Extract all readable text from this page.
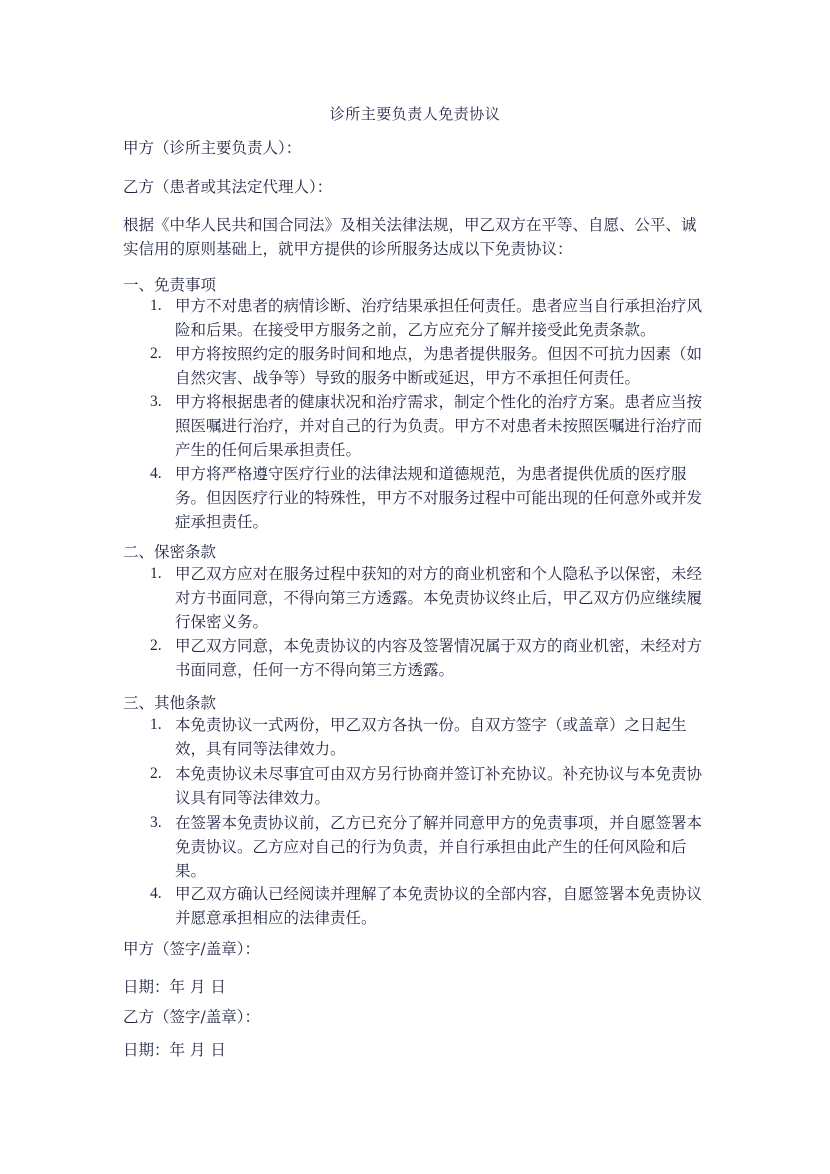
诊所主要负责人免责协议
甲方（诊所主要负责人）：
乙方（患者或其法定代理人）：
根据《中华人民共和国合同法》及相关法律法规，甲乙双方在平等、自愿、公平、诚实信用的原则基础上，就甲方提供的诊所服务达成以下免责协议：
一、免责事项
1. 甲方不对患者的病情诊断、治疗结果承担任何责任。患者应当自行承担治疗风险和后果。在接受甲方服务之前，乙方应充分了解并接受此免责条款。
2. 甲方将按照约定的服务时间和地点，为患者提供服务。但因不可抗力因素（如自然灾害、战争等）导致的服务中断或延迟，甲方不承担任何责任。
3. 甲方将根据患者的健康状况和治疗需求，制定个性化的治疗方案。患者应当按照医嘱进行治疗，并对自己的行为负责。甲方不对患者未按照医嘱进行治疗而产生的任何后果承担责任。
4. 甲方将严格遵守医疗行业的法律法规和道德规范，为患者提供优质的医疗服务。但因医疗行业的特殊性，甲方不对服务过程中可能出现的任何意外或并发症承担责任。
二、保密条款
1. 甲乙双方应对在服务过程中获知的对方的商业机密和个人隐私予以保密，未经对方书面同意，不得向第三方透露。本免责协议终止后，甲乙双方仍应继续履行保密义务。
2. 甲乙双方同意，本免责协议的内容及签署情况属于双方的商业机密，未经对方书面同意，任何一方不得向第三方透露。
三、其他条款
1. 本免责协议一式两份，甲乙双方各执一份。自双方签字（或盖章）之日起生效，具有同等法律效力。
2. 本免责协议未尽事宜可由双方另行协商并签订补充协议。补充协议与本免责协议具有同等法律效力。
3. 在签署本免责协议前，乙方已充分了解并同意甲方的免责事项，并自愿签署本免责协议。乙方应对自己的行为负责，并自行承担由此产生的任何风险和后果。
4. 甲乙双方确认已经阅读并理解了本免责协议的全部内容，自愿签署本免责协议并愿意承担相应的法律责任。
甲方（签字/盖章）：
日期：年 月 日
乙方（签字/盖章）：
日期：年 月 日
